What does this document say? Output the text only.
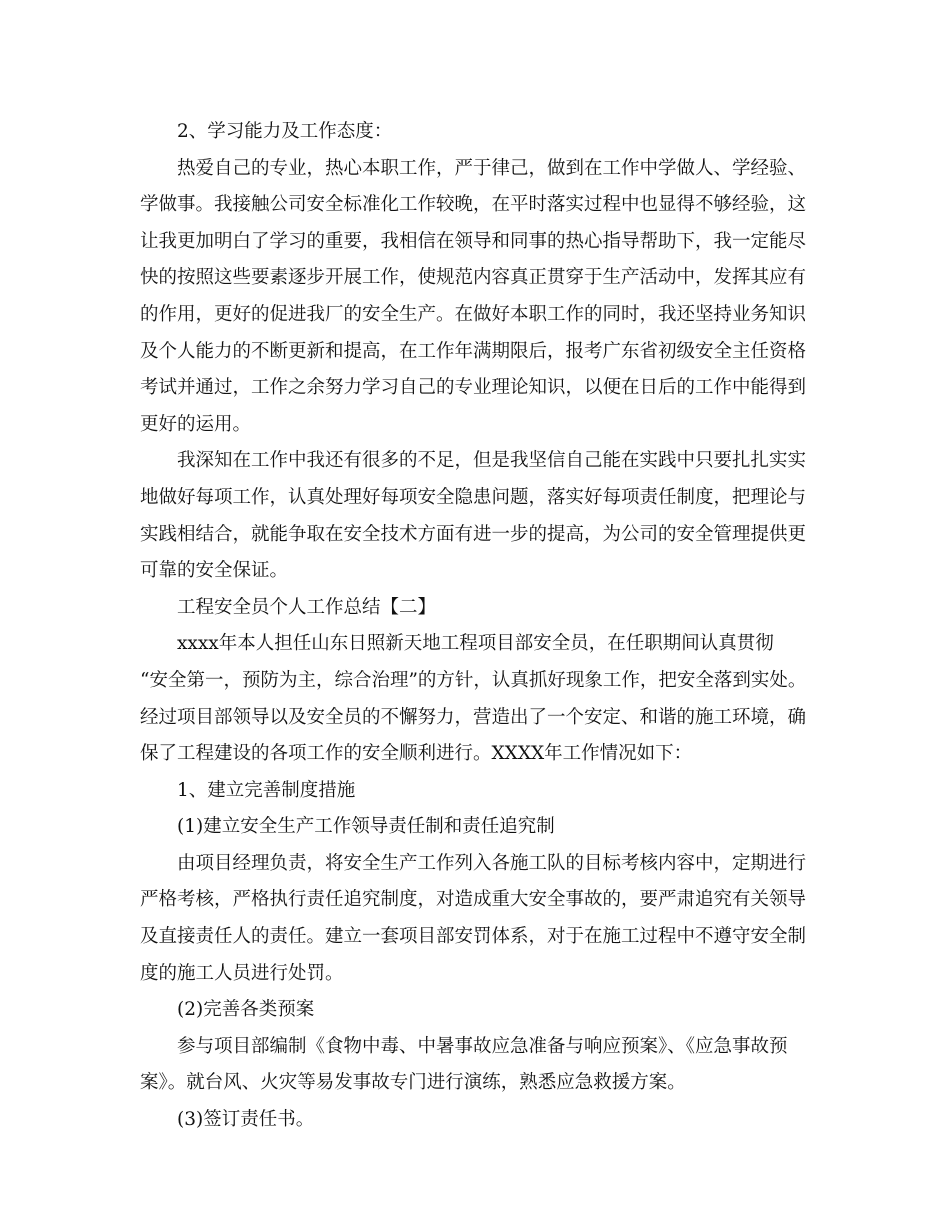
2、学习能力及工作态度：
热爱自己的专业，热心本职工作，严于律己，做到在工作中学做人、学经验、
学做事。我接触公司安全标准化工作较晚，在平时落实过程中也显得不够经验，这
让我更加明白了学习的重要，我相信在领导和同事的热心指导帮助下，我一定能尽
快的按照这些要素逐步开展工作，使规范内容真正贯穿于生产活动中，发挥其应有
的作用，更好的促进我厂的安全生产。在做好本职工作的同时，我还坚持业务知识
及个人能力的不断更新和提高，在工作年满期限后，报考广东省初级安全主任资格
考试并通过，工作之余努力学习自己的专业理论知识，以便在日后的工作中能得到
更好的运用。
我深知在工作中我还有很多的不足，但是我坚信自己能在实践中只要扎扎实实
地做好每项工作，认真处理好每项安全隐患问题，落实好每项责任制度，把理论与
实践相结合，就能争取在安全技术方面有进一步的提高，为公司的安全管理提供更
可靠的安全保证。
工程安全员个人工作总结【二】
xxxx年本人担任山东日照新天地工程项目部安全员，在任职期间认真贯彻
“安全第一，预防为主，综合治理”的方针，认真抓好现象工作，把安全落到实处。
经过项目部领导以及安全员的不懈努力，营造出了一个安定、和谐的施工环境，确
保了工程建设的各项工作的安全顺利进行。XXXX年工作情况如下：
1、建立完善制度措施
(1)建立安全生产工作领导责任制和责任追究制
由项目经理负责，将安全生产工作列入各施工队的目标考核内容中，定期进行
严格考核，严格执行责任追究制度，对造成重大安全事故的，要严肃追究有关领导
及直接责任人的责任。建立一套项目部安罚体系，对于在施工过程中不遵守安全制
度的施工人员进行处罚。
(2)完善各类预案
参与项目部编制《食物中毒、中暑事故应急准备与响应预案》、《应急事故预
案》。就台风、火灾等易发事故专门进行演练，熟悉应急救援方案。
(3)签订责任书。
